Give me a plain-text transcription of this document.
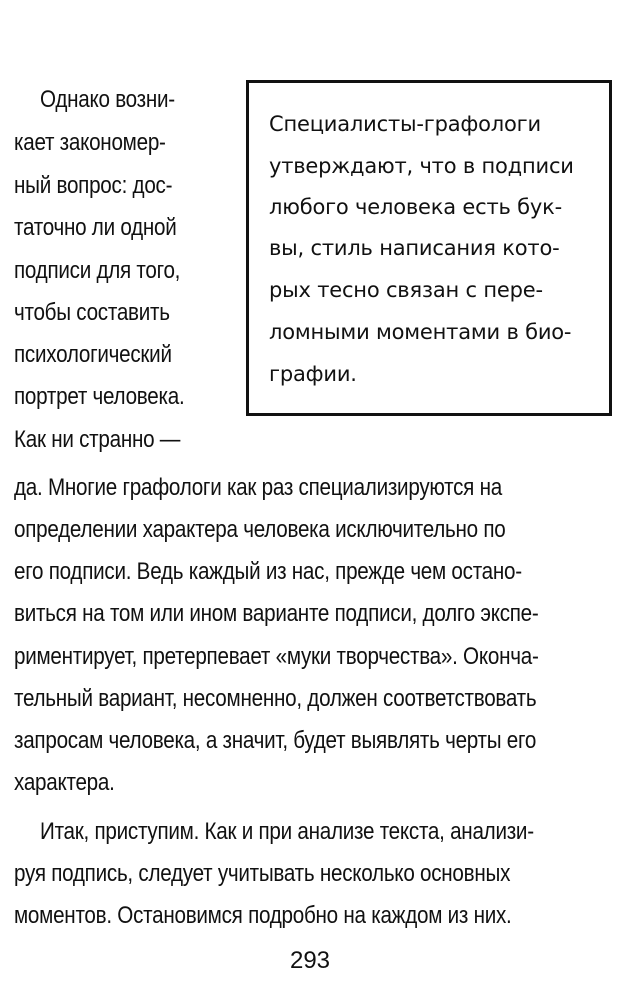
Однако возни-
кает закономер-
ный вопрос: дос-
таточно ли одной
подписи для того,
чтобы составить
психологический
портрет человека.
Как ни странно —
Специалисты-графологи
утверждают, что в подписи
любого человека есть бук-
вы, стиль написания кото-
рых тесно связан с пере-
ломными моментами в био-
графии.
да. Многие графологи как раз специализируются на
определении характера человека исключительно по
его подписи. Ведь каждый из нас, прежде чем остано-
виться на том или ином варианте подписи, долго экспе-
риментирует, претерпевает «муки творчества». Оконча-
тельный вариант, несомненно, должен соответствовать
запросам человека, а значит, будет выявлять черты его
характера.
Итак, приступим. Как и при анализе текста, анализи-
руя подпись, следует учитывать несколько основных
моментов. Остановимся подробно на каждом из них.
293
